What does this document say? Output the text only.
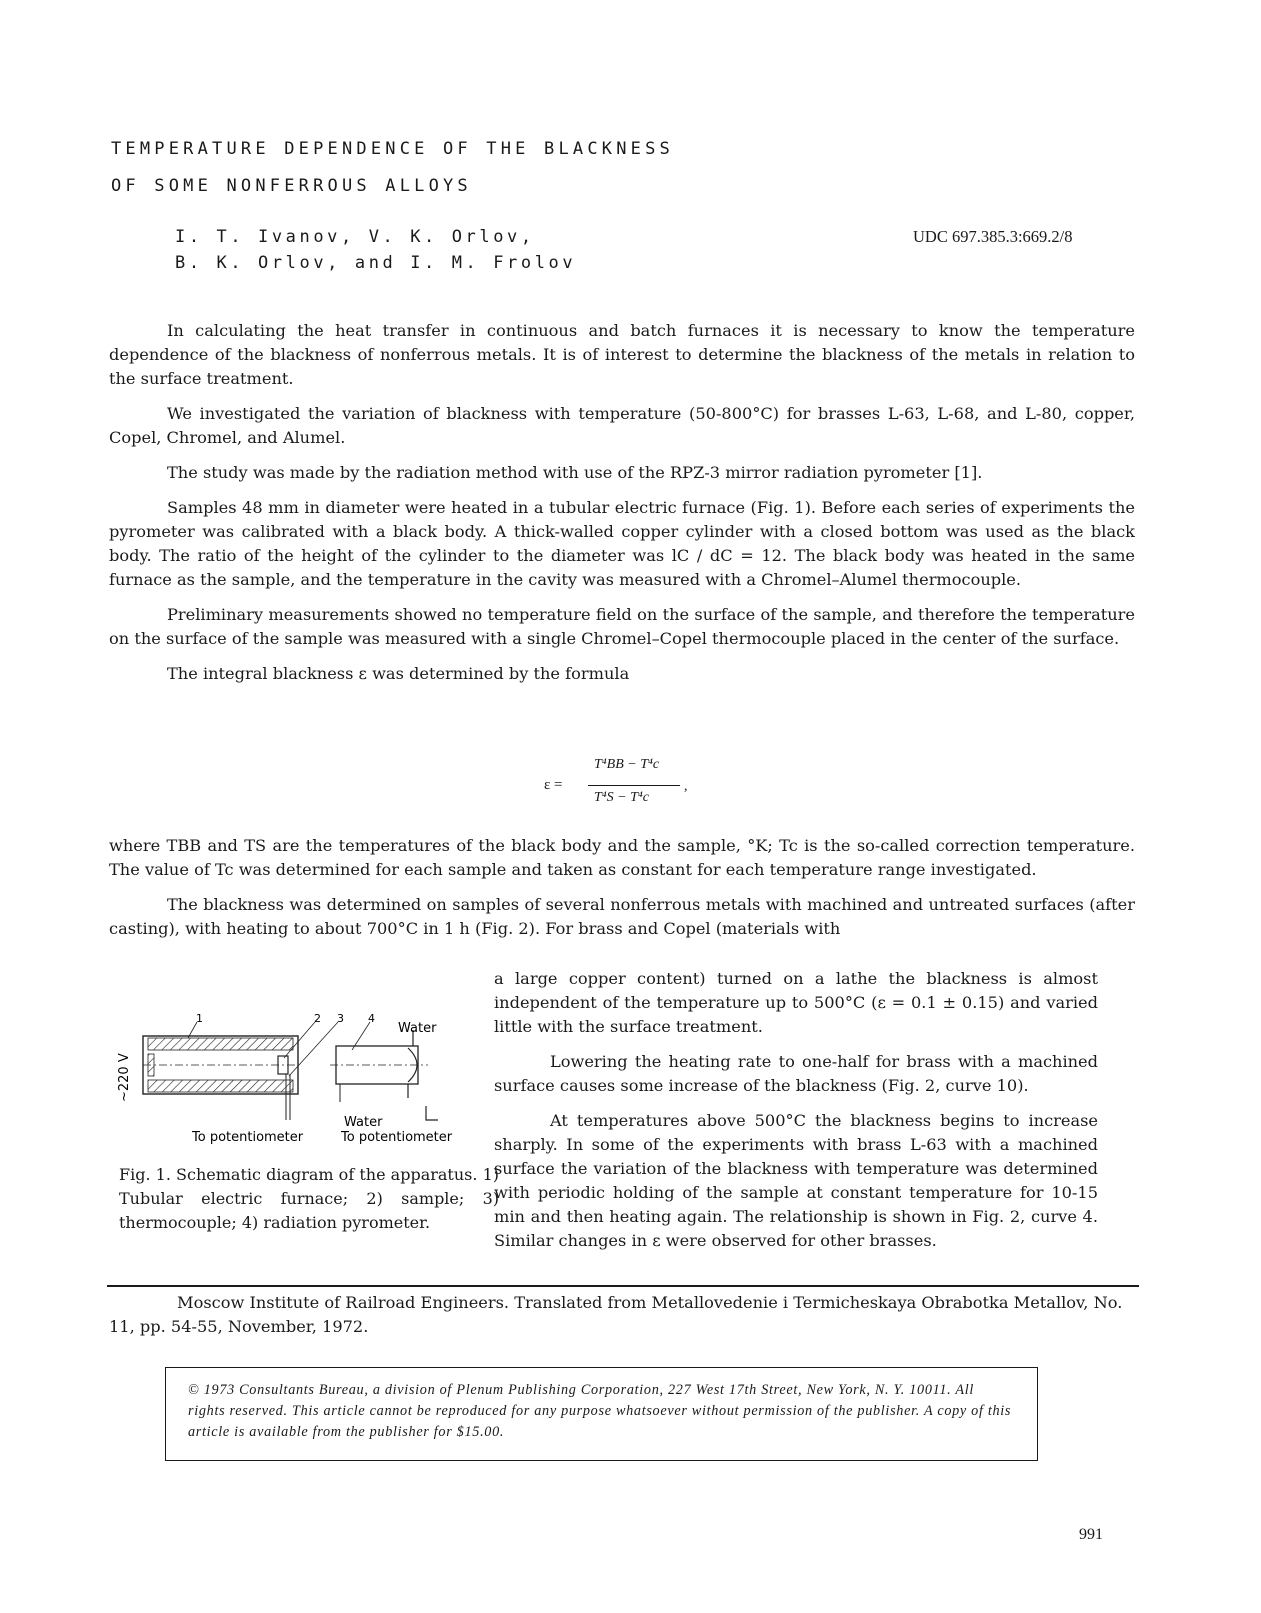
TEMPERATURE DEPENDENCE OF THE BLACKNESS
OF SOME NONFERROUS ALLOYS
I. T. Ivanov, V. K. Orlov,
B. K. Orlov, and I. M. Frolov
UDC 697.385.3:669.2/8

In calculating the heat transfer in continuous and batch furnaces it is necessary to know the temperature dependence of the blackness of nonferrous metals. It is of interest to determine the blackness of the metals in relation to the surface treatment.

We investigated the variation of blackness with temperature (50-800°C) for brasses L-63, L-68, and L-80, copper, Copel, Chromel, and Alumel.

The study was made by the radiation method with use of the RPZ-3 mirror radiation pyrometer [1].

Samples 48 mm in diameter were heated in a tubular electric furnace (Fig. 1). Before each series of experiments the pyrometer was calibrated with a black body. A thick-walled copper cylinder with a closed bottom was used as the black body. The ratio of the height of the cylinder to the diameter was lC / dC = 12. The black body was heated in the same furnace as the sample, and the temperature in the cavity was measured with a Chromel–Alumel thermocouple.

Preliminary measurements showed no temperature field on the surface of the sample, and therefore the temperature on the surface of the sample was measured with a single Chromel–Copel thermocouple placed in the center of the surface.

The integral blackness ε was determined by the formula

ε =
T⁴BB − T⁴c
T⁴S − T⁴c
,

where TBB and TS are the temperatures of the black body and the sample, °K; Tc is the so-called correction temperature. The value of Tc was determined for each sample and taken as constant for each temperature range investigated.

The blackness was determined on samples of several nonferrous metals with machined and untreated surfaces (after casting), with heating to about 700°C in 1 h (Fig. 2). For brass and Copel (materials with

a large copper content) turned on a lathe the blackness is almost independent of the temperature up to 500°C (ε = 0.1 ± 0.15) and varied little with the surface treatment.

Lowering the heating rate to one-half for brass with a machined surface causes some increase of the blackness (Fig. 2, curve 10).

At temperatures above 500°C the blackness begins to increase sharply. In some of the experiments with brass L-63 with a machined surface the variation of the blackness with temperature was determined with periodic holding of the sample at constant temperature for 10-15 min and then heating again. The relationship is shown in Fig. 2, curve 4. Similar changes in ε were observed for other brasses.

1	2 3 4
Water
Water
~220 V
To potentiometer	To potentiometer
Fig. 1. Schematic diagram of the apparatus. 1) Tubular electric furnace; 2) sample; 3) thermocouple; 4) radiation pyrometer.

Moscow Institute of Railroad Engineers. Translated from Metallovedenie i Termicheskaya Obrabotka Metallov, No. 11, pp. 54-55, November, 1972.

© 1973 Consultants Bureau, a division of Plenum Publishing Corporation, 227 West 17th Street, New York, N. Y. 10011. All rights reserved. This article cannot be reproduced for any purpose whatsoever without permission of the publisher. A copy of this article is available from the publisher for $15.00.
991
